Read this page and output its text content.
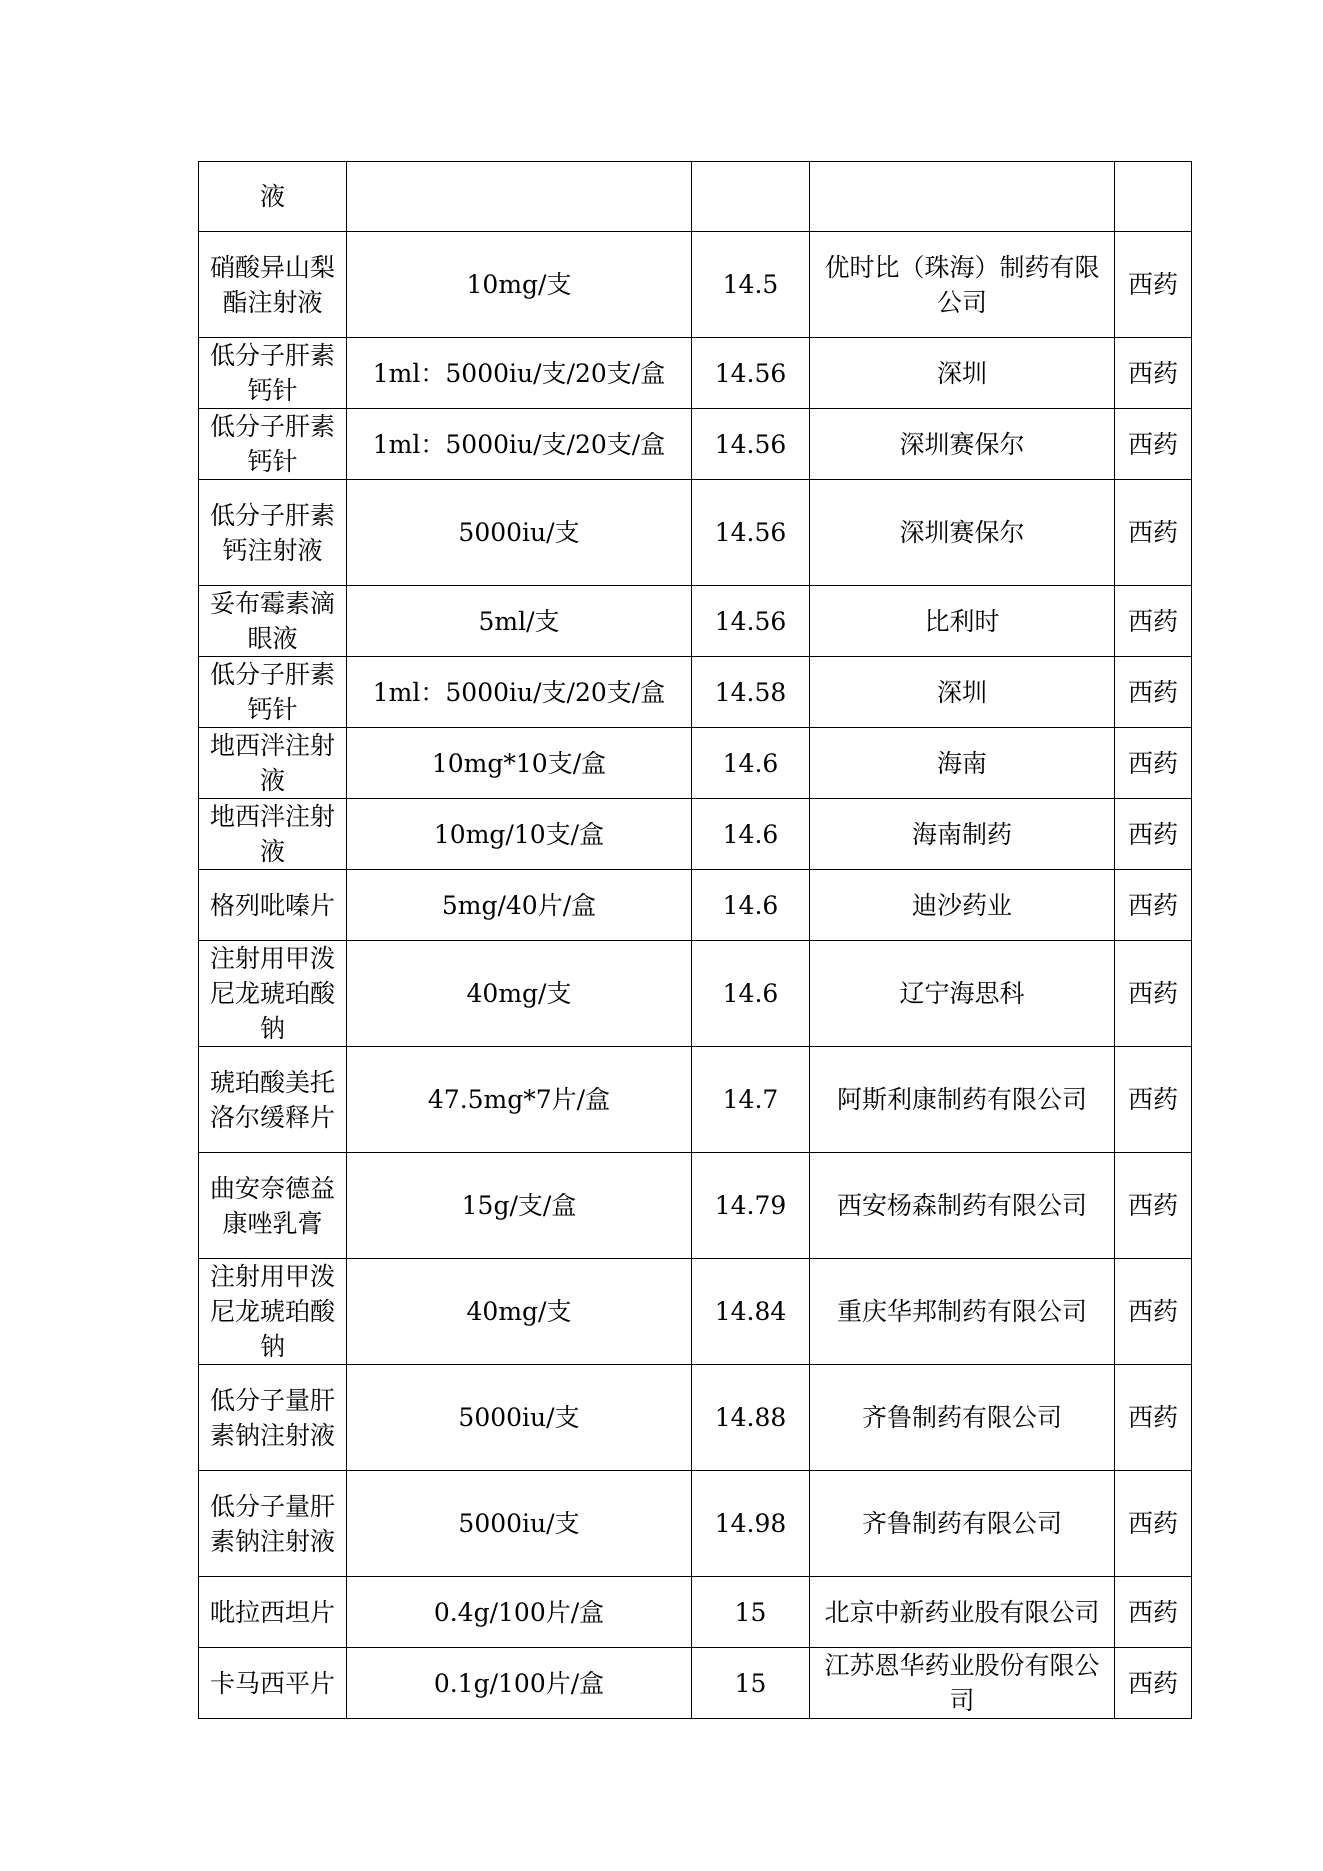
液				
硝酸异山梨酯注射液	10mg/支	14.5	优时比（珠海）制药有限公司	西药
低分子肝素钙针	1ml：5000iu/支/20支/盒	14.56	深圳	西药
低分子肝素钙针	1ml：5000iu/支/20支/盒	14.56	深圳赛保尔	西药
低分子肝素钙注射液	5000iu/支	14.56	深圳赛保尔	西药
妥布霉素滴眼液	5ml/支	14.56	比利时	西药
低分子肝素钙针	1ml：5000iu/支/20支/盒	14.58	深圳	西药
地西泮注射液	10mg*10支/盒	14.6	海南	西药
地西泮注射液	10mg/10支/盒	14.6	海南制药	西药
格列吡嗪片	5mg/40片/盒	14.6	迪沙药业	西药
注射用甲泼尼龙琥珀酸钠	40mg/支	14.6	辽宁海思科	西药
琥珀酸美托洛尔缓释片	47.5mg*7片/盒	14.7	阿斯利康制药有限公司	西药
曲安奈德益康唑乳膏	15g/支/盒	14.79	西安杨森制药有限公司	西药
注射用甲泼尼龙琥珀酸钠	40mg/支	14.84	重庆华邦制药有限公司	西药
低分子量肝素钠注射液	5000iu/支	14.88	齐鲁制药有限公司	西药
低分子量肝素钠注射液	5000iu/支	14.98	齐鲁制药有限公司	西药
吡拉西坦片	0.4g/100片/盒	15	北京中新药业股有限公司	西药
卡马西平片	0.1g/100片/盒	15	江苏恩华药业股份有限公司	西药
